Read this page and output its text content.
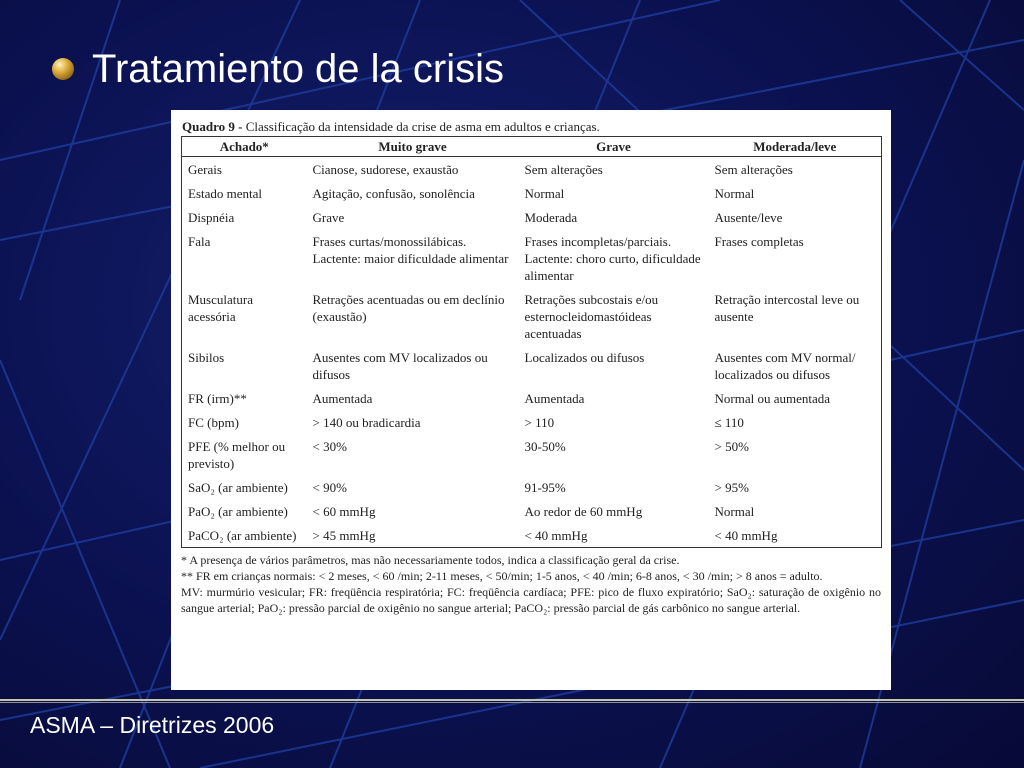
Tratamiento de la crisis
Quadro 9 - Classificação da intensidade da crise de asma em adultos e crianças.
Achado*	Muito grave	Grave	Moderada/leve
Gerais	Cianose, sudorese, exaustão	Sem alterações	Sem alterações
Estado mental	Agitação, confusão, sonolência	Normal	Normal
Dispnéia	Grave	Moderada	Ausente/leve
Fala	Frases curtas/monossilábicas. Lactente: maior dificuldade alimentar	Frases incompletas/parciais. Lactente: choro curto, dificuldade alimentar	Frases completas
Musculatura acessória	Retrações acentuadas ou em declínio (exaustão)	Retrações subcostais e/ou esternocleidomastóideas acentuadas	Retração intercostal leve ou ausente
Sibilos	Ausentes com MV localizados ou difusos	Localizados ou difusos	Ausentes com MV normal/ localizados ou difusos
FR (irm)**	Aumentada	Aumentada	Normal ou aumentada
FC (bpm)	> 140 ou bradicardia	> 110	≤ 110
PFE (% melhor ou previsto)	< 30%	30-50%	> 50%
SaO₂ (ar ambiente)	< 90%	91-95%	> 95%
PaO₂ (ar ambiente)	< 60 mmHg	Ao redor de 60 mmHg	Normal
PaCO₂ (ar ambiente)	> 45 mmHg	< 40 mmHg	< 40 mmHg
* A presença de vários parâmetros, mas não necessariamente todos, indica a classificação geral da crise.
** FR em crianças normais: < 2 meses, < 60 /min; 2-11 meses, < 50/min; 1-5 anos, < 40 /min; 6-8 anos, < 30 /min; > 8 anos = adulto.
MV: murmúrio vesicular; FR: freqüência respiratória; FC: freqüência cardíaca; PFE: pico de fluxo expiratório; SaO₂: saturação de oxigênio no sangue arterial; PaO₂: pressão parcial de oxigênio no sangue arterial; PaCO₂: pressão parcial de gás carbônico no sangue arterial.
ASMA – Diretrizes 2006
